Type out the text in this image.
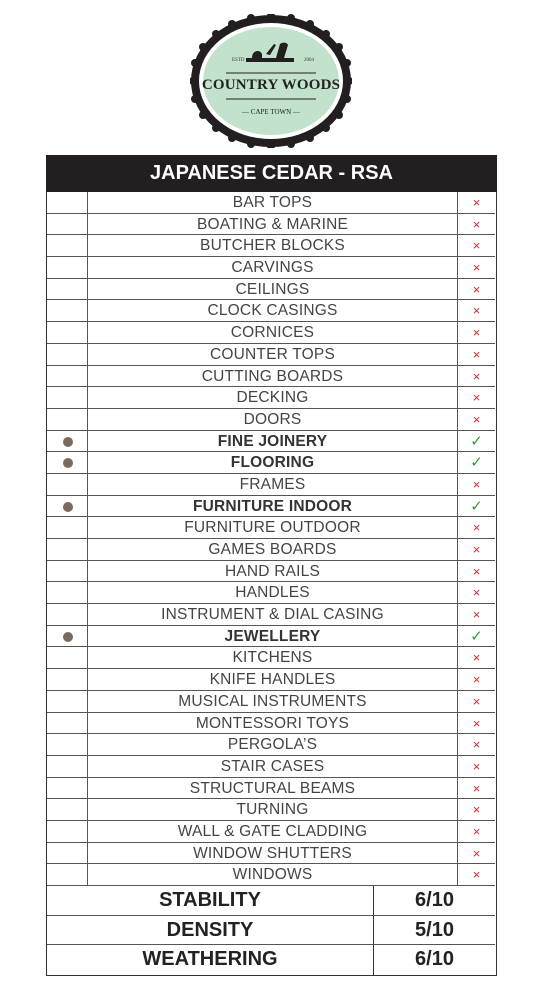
ESTD	2004
COUNTRY WOODS
— CAPE TOWN —
JAPANESE CEDAR - RSA
BAR TOPS	×
BOATING & MARINE	×
BUTCHER BLOCKS	×
CARVINGS	×
CEILINGS	×
CLOCK CASINGS	×
CORNICES	×
COUNTER TOPS	×
CUTTING BOARDS	×
DECKING	×
DOORS	×
FINE JOINERY	✓
FLOORING	✓
FRAMES	×
FURNITURE INDOOR	✓
FURNITURE OUTDOOR	×
GAMES BOARDS	×
HAND RAILS	×
HANDLES	×
INSTRUMENT & DIAL CASING	×
JEWELLERY	✓
KITCHENS	×
KNIFE HANDLES	×
MUSICAL INSTRUMENTS	×
MONTESSORI TOYS	×
PERGOLA’S	×
STAIR CASES	×
STRUCTURAL BEAMS	×
TURNING	×
WALL & GATE CLADDING	×
WINDOW SHUTTERS	×
WINDOWS	×
STABILITY	6/10
DENSITY	5/10
WEATHERING	6/10
